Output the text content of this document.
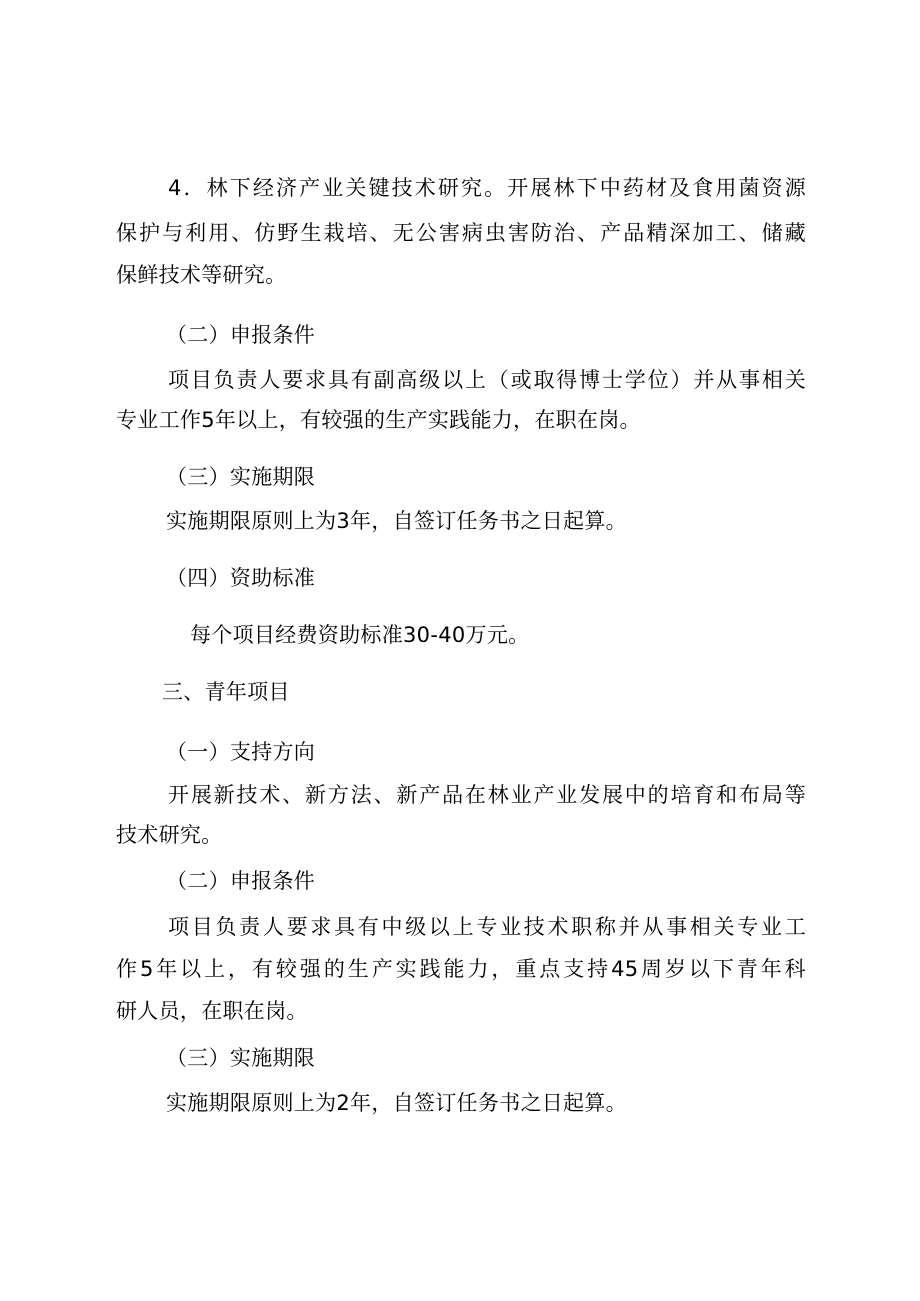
4．林下经济产业关键技术研究。开展林下中药材及食用菌资源
保护与利用、仿野生栽培、无公害病虫害防治、产品精深加工、储藏
保鲜技术等研究。
（二）申报条件
项目负责人要求具有副高级以上（或取得博士学位）并从事相关
专业工作5年以上，有较强的生产实践能力，在职在岗。
（三）实施期限
实施期限原则上为3年，自签订任务书之日起算。
（四）资助标准
每个项目经费资助标准30-40万元。
三、青年项目
（一）支持方向
开展新技术、新方法、新产品在林业产业发展中的培育和布局等
技术研究。
（二）申报条件
项目负责人要求具有中级以上专业技术职称并从事相关专业工
作5年以上，有较强的生产实践能力，重点支持45周岁以下青年科
研人员，在职在岗。
（三）实施期限
实施期限原则上为2年，自签订任务书之日起算。
